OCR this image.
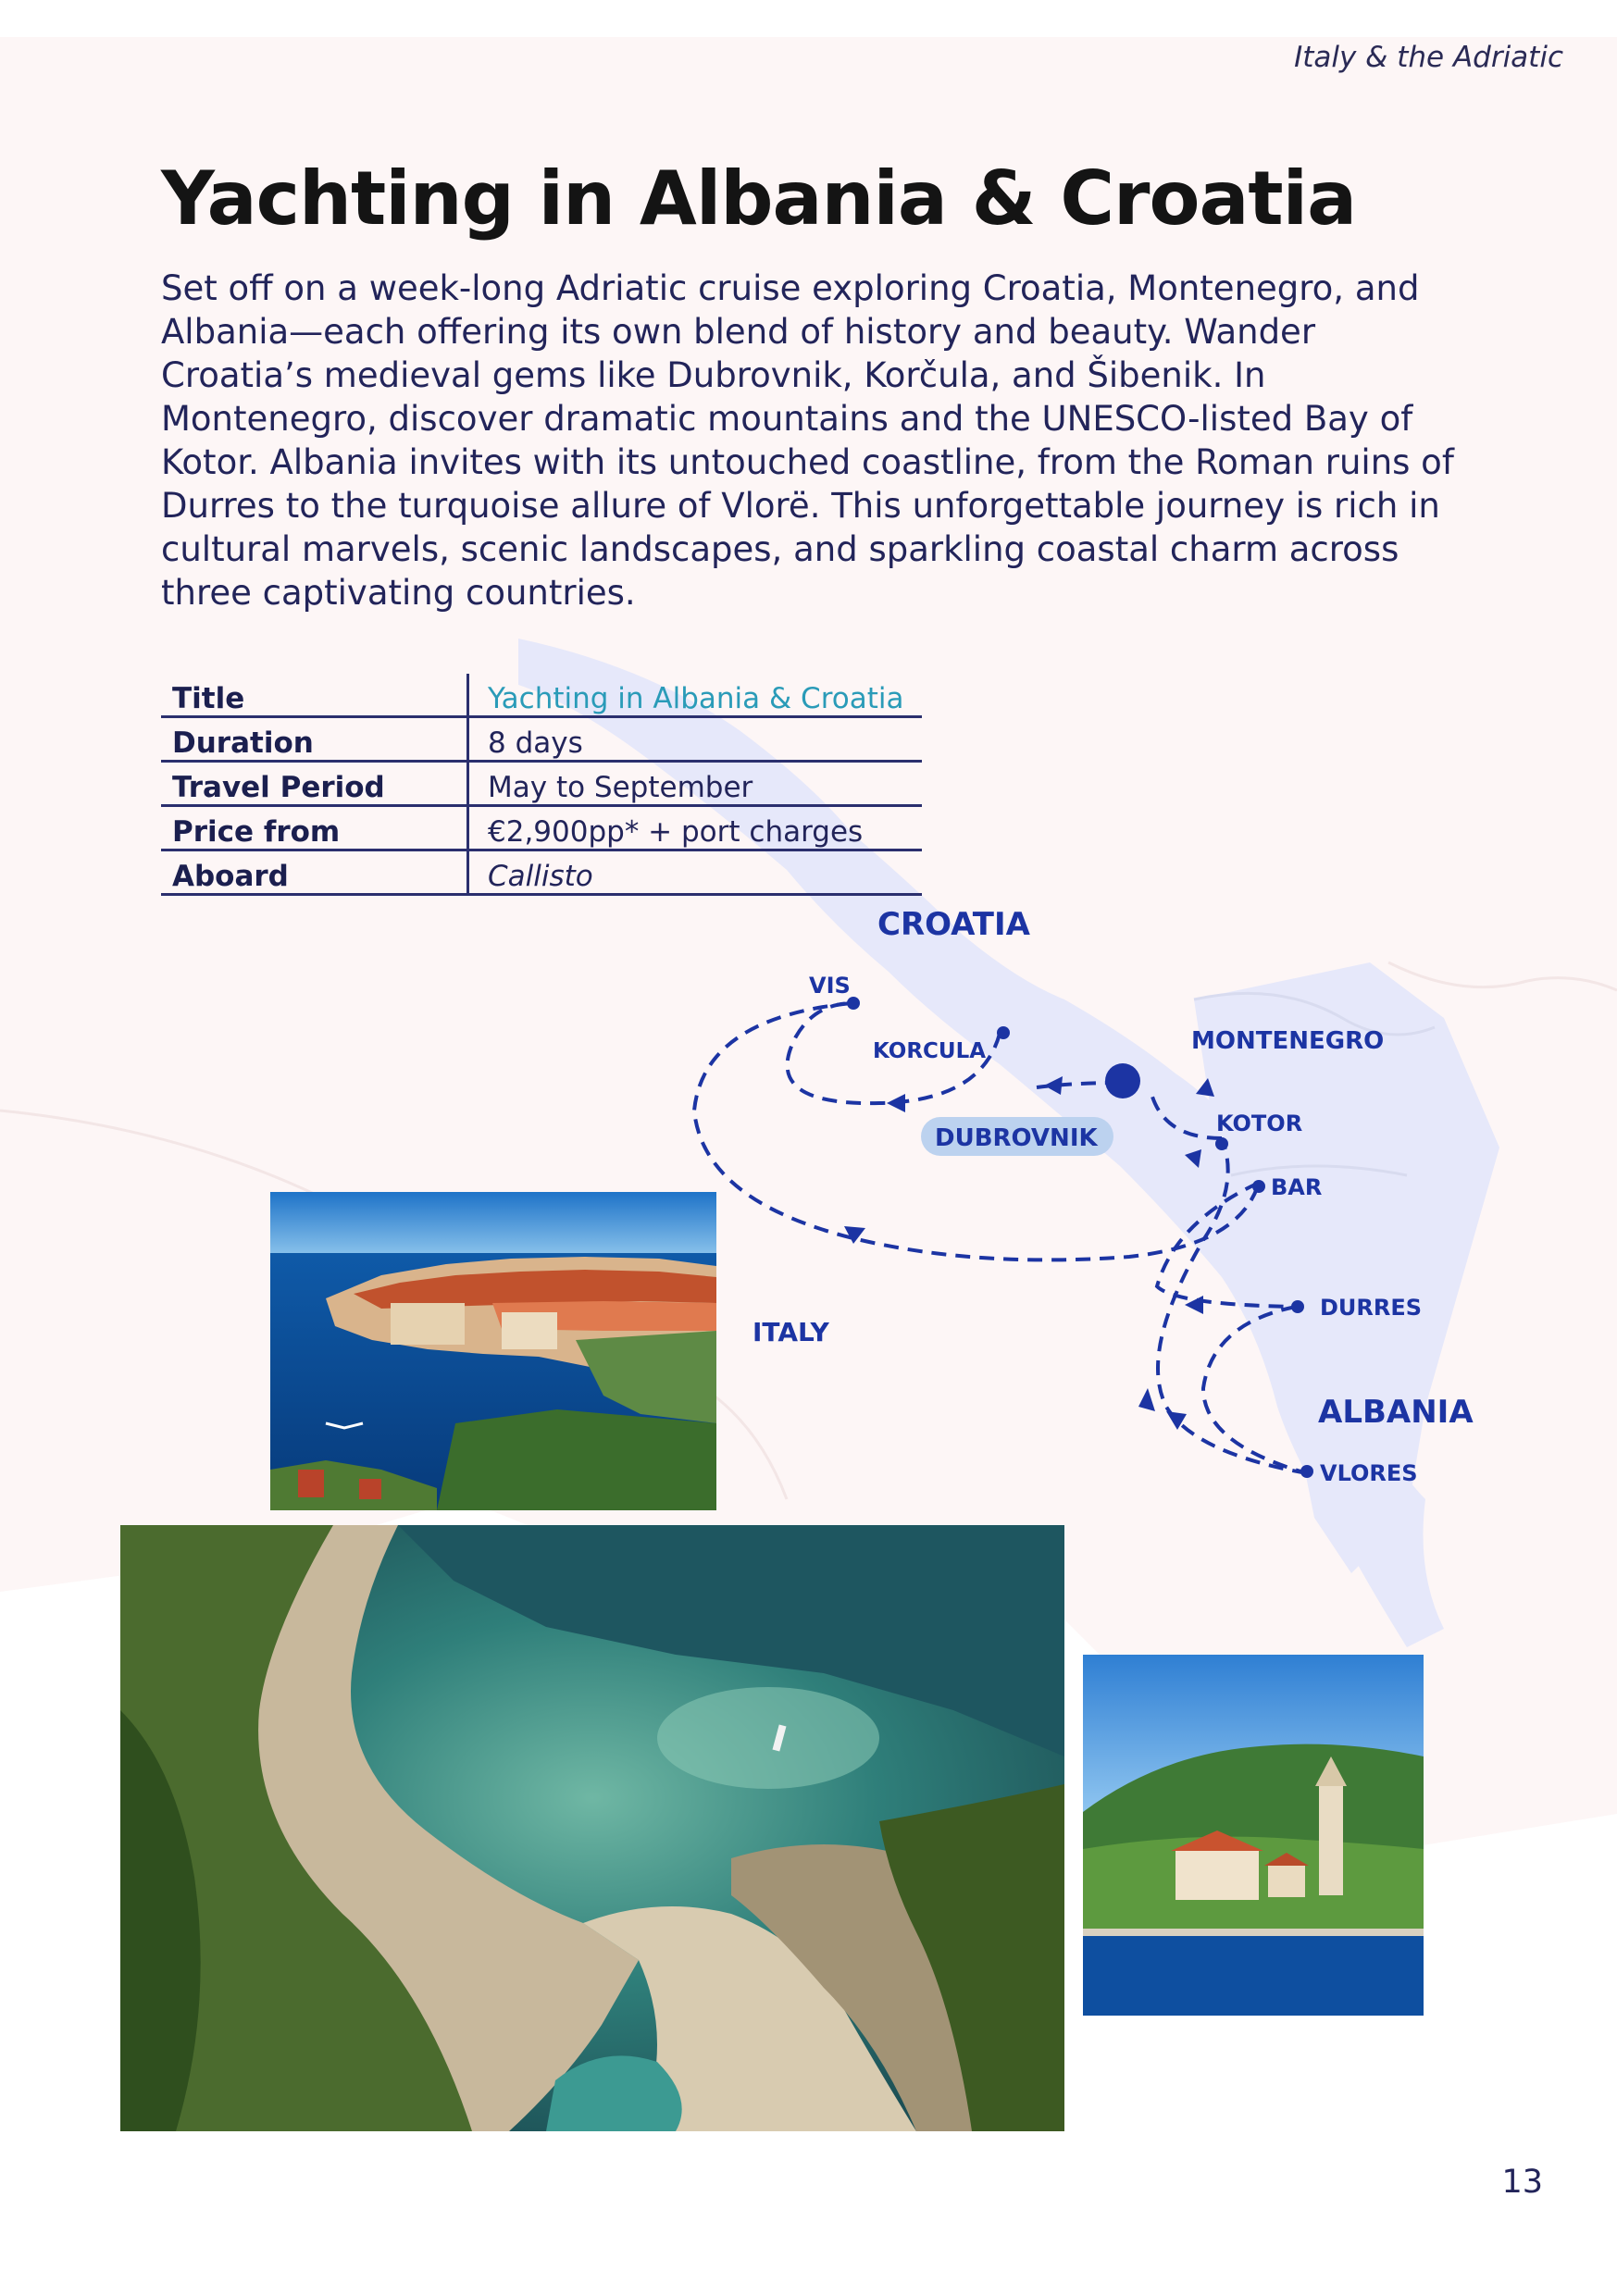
Italy & the Adriatic
Yachting in Albania & Croatia

Set off on a week-long Adriatic cruise exploring Croatia, Montenegro, and Albania—each offering its own blend of history and beauty. Wander Croatia’s medieval gems like Dubrovnik, Korčula, and Šibenik. In Montenegro, discover dramatic mountains and the UNESCO-listed Bay of Kotor. Albania invites with its untouched coastline, from the Roman ruins of Durres to the turquoise allure of Vlorë. This unforgettable journey is rich in cultural marvels, scenic landscapes, and sparkling coastal charm across three captivating countries.

Title	Yachting in Albania & Croatia
Duration	8 days
Travel Period	May to September
Price from	€2,900pp* + port charges
Aboard	Callisto
CROATIA
MONTENEGRO
ITALY
ALBANIA
VIS
KORCULA
DUBROVNIK
KOTOR
BAR
DURRES
VLORES
13
